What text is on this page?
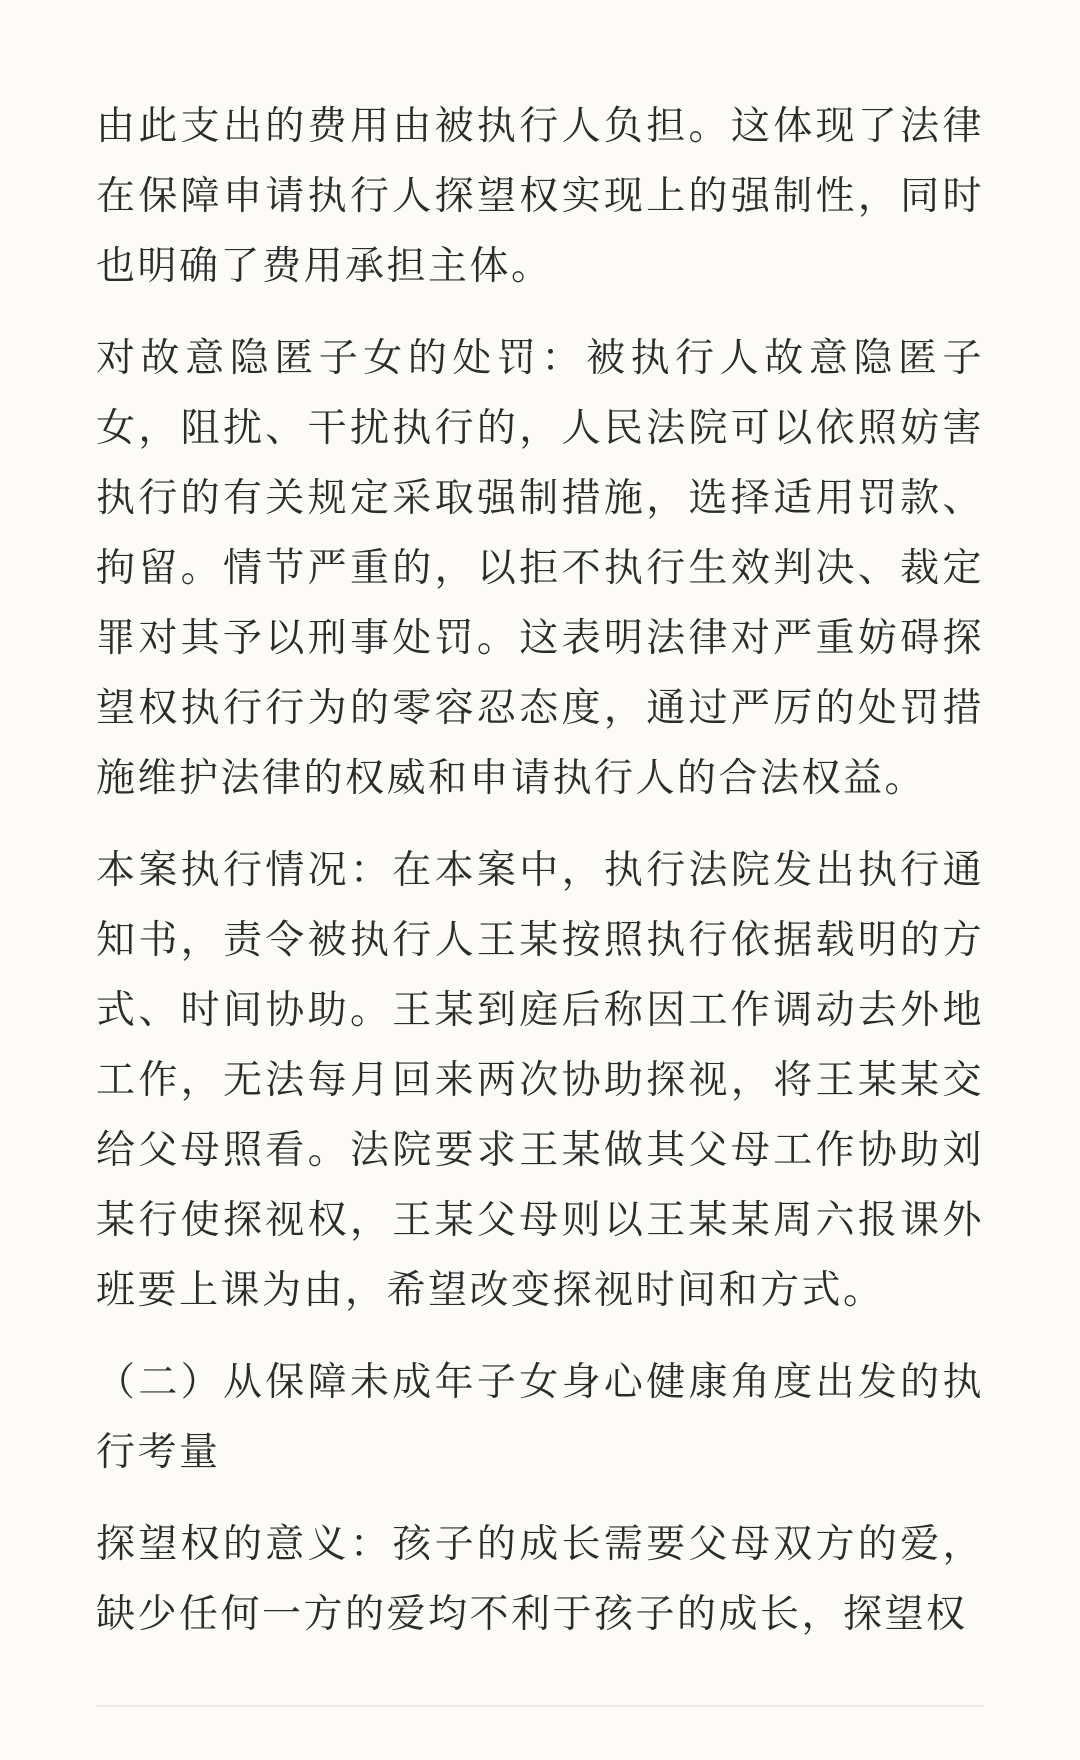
由此支出的费用由被执行人负担。这体现了法律在保障申请执行人探望权实现上的强制性，同时也明确了费用承担主体。

对故意隐匿子女的处罚：被执行人故意隐匿子女，阻扰、干扰执行的，人民法院可以依照妨害执行的有关规定采取强制措施，选择适用罚款、拘留。情节严重的，以拒不执行生效判决、裁定罪对其予以刑事处罚。这表明法律对严重妨碍探望权执行行为的零容忍态度，通过严厉的处罚措施维护法律的权威和申请执行人的合法权益。

本案执行情况：在本案中，执行法院发出执行通知书，责令被执行人王某按照执行依据载明的方式、时间协助。王某到庭后称因工作调动去外地工作，无法每月回来两次协助探视，将王某某交给父母照看。法院要求王某做其父母工作协助刘某行使探视权，王某父母则以王某某周六报课外班要上课为由，希望改变探视时间和方式。

（二）从保障未成年子女身心健康角度出发的执行考量

探望权的意义：孩子的成长需要父母双方的爱，缺少任何一方的爱均不利于孩子的成长，探望权
